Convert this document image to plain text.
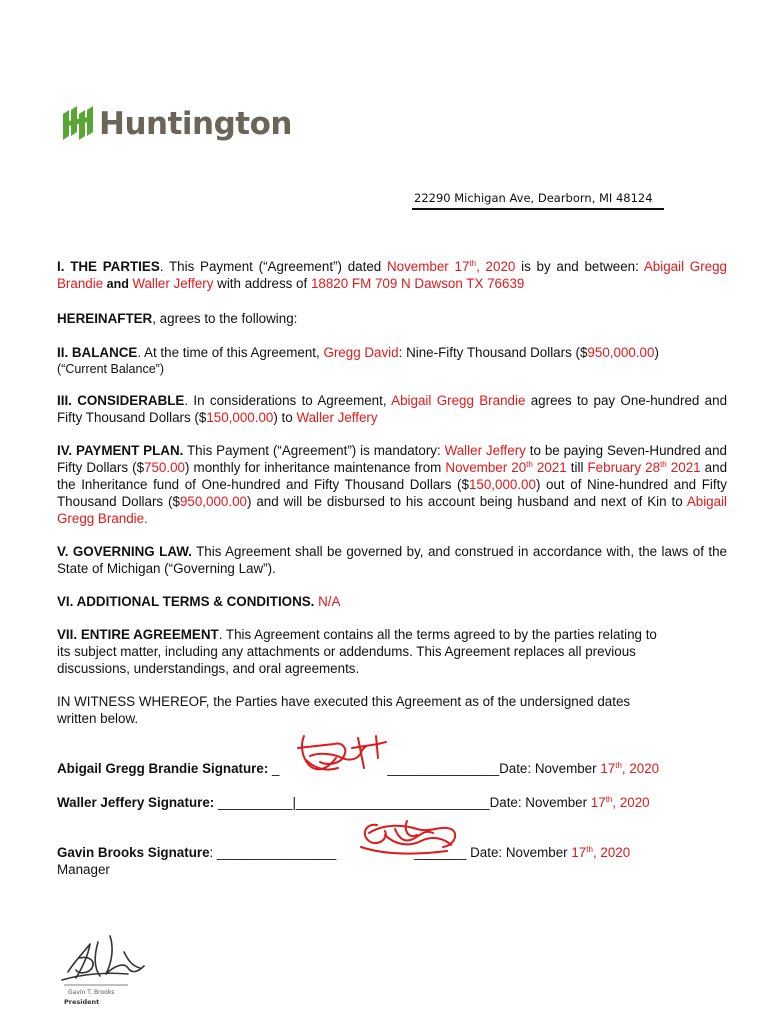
Huntington
22290 Michigan Ave, Dearborn, MI 48124

I. THE PARTIES. This Payment (“Agreement”) dated November 17th, 2020 is by and between: Abigail Gregg Brandie and Waller Jeffery with address of 18820 FM 709 N Dawson TX 76639

HEREINAFTER, agrees to the following:

II. BALANCE. At the time of this Agreement, Gregg David: Nine-Fifty Thousand Dollars ($950,000.00)

(“Current Balance”)

III. CONSIDERABLE. In considerations to Agreement, Abigail Gregg Brandie agrees to pay One-hundred and Fifty Thousand Dollars ($150,000.00) to Waller Jeffery

IV. PAYMENT PLAN. This Payment (“Agreement”) is mandatory: Waller Jeffery to be paying Seven-Hundred and Fifty Dollars ($750.00) monthly for inheritance maintenance from November 20th 2021 till February 28th 2021 and the Inheritance fund of One-hundred and Fifty Thousand Dollars ($150,000.00) out of Nine-hundred and Fifty Thousand Dollars ($950,000.00) and will be disbursed to his account being husband and next of Kin to Abigail Gregg Brandie.

V. GOVERNING LAW. This Agreement shall be governed by, and construed in accordance with, the laws of the State of Michigan (“Governing Law”).

VI. ADDITIONAL TERMS & CONDITIONS. N/A

VII. ENTIRE AGREEMENT. This Agreement contains all the terms agreed to by the parties relating to its subject matter, including any attachments or addendums. This Agreement replaces all previous discussions, understandings, and oral agreements.

IN WITNESS WHEREOF, the Parties have executed this Agreement as of the undersigned dates written below.

Abigail Gregg Brandie Signature: _                             _______________Date: November 17th, 2020
Waller Jeffery Signature: __________|__________________________Date: November 17th, 2020
Gavin Brooks Signature: ________________                     _______ Date: November 17th, 2020
Manager
Gavin T. Brooks
President
